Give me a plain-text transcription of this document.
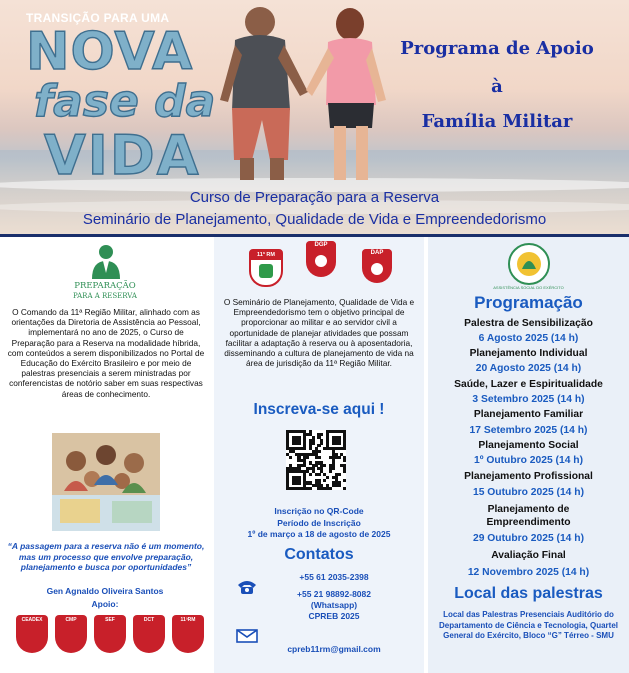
TRANSIÇÃO PARA UMA
NOVA
fase da
VIDA
Programa de Apoio
à
Família Militar
Curso de Preparação para a Reserva
Seminário de Planejamento, Qualidade de Vida e Empreendedorismo
PREPARAÇÃO
PARA A RESERVA
O Comando da 11ª Região Militar, alinhado com as orientações da Diretoria de Assistência ao Pessoal, implementará no ano de 2025, o Curso de Preparação para a Reserva na modalidade híbrida, com conteúdos a serem disponibilizados no Portal de Educação do Exército Brasileiro e por meio de palestras presenciais a serem ministradas por conferencistas de notório saber em suas respectivas áreas de conhecimento.
“A passagem para a reserva não é um momento, mas um processo que envolve preparação, planejamento e busca por oportunidades”
Gen Agnaldo Oliveira Santos
Apoio:
CEADEX	CMP	SEF	DCT	11ªRM
11ª RM
DGP
DAP
O Seminário de Planejamento, Qualidade de Vida e Empreendedorismo tem o objetivo principal de proporcionar ao militar e ao servidor civil a oportunidade de planejar atividades que possam facilitar a adaptação à reserva ou à aposentadoria, disseminando a cultura de planejamento de vida na área de jurisdição da 11ª Região Militar.
Inscreva-se aqui !
Inscrição no QR-Code
Período de Inscrição
1º de março a 18 de agosto de 2025
Contatos
+55 61 2035-2398
+55 21 98892-8082
(Whatsapp)
CPREB 2025
cpreb11rm@gmail.com
ASSISTÊNCIA SOCIAL DO EXÉRCITO
Programação
Palestra de Sensibilização
6 Agosto 2025 (14 h)
Planejamento Individual
20 Agosto 2025 (14 h)
Saúde, Lazer e Espiritualidade
3 Setembro 2025 (14 h)
Planejamento Familiar
17 Setembro 2025 (14 h)
Planejamento Social
1º Outubro 2025 (14 h)
Planejamento Profissional
15 Outubro 2025 (14 h)
Planejamento de Empreendimento
29 Outubro 2025 (14 h)
Avaliação Final
12 Novembro 2025 (14 h)
Local das palestras
Local das Palestras Presenciais Auditório do Departamento de Ciência e Tecnologia, Quartel General do Exército, Bloco “G” Térreo - SMU
